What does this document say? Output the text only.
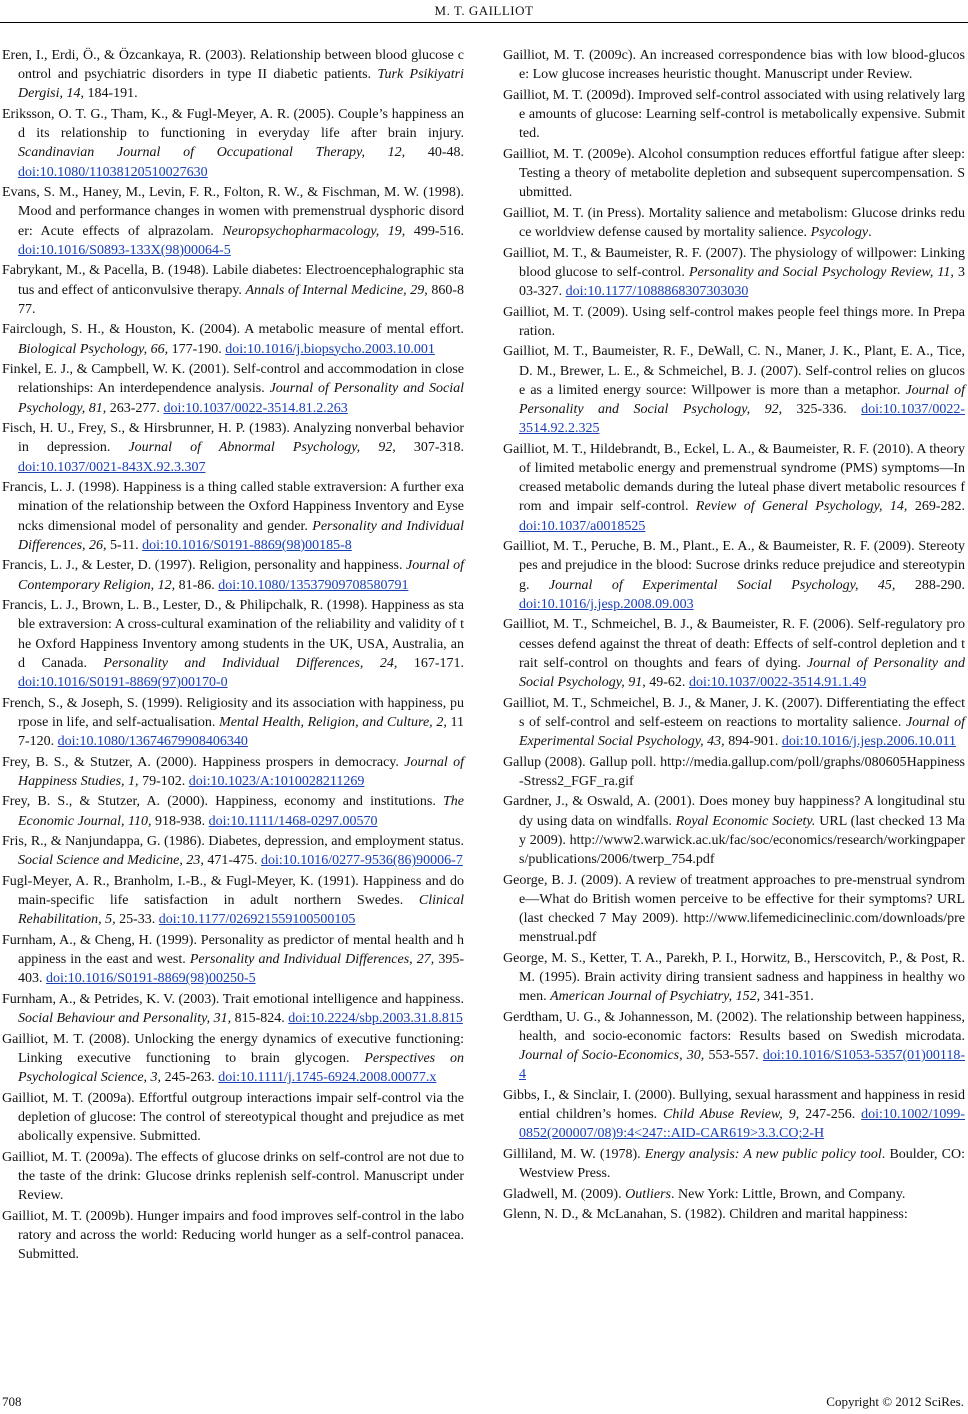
M. T. GAILLIOT

Eren, I., Erdi, Ö., & Özcankaya, R. (2003). Relationship between blood glucose control and psychiatric disorders in type II diabetic patients. Turk Psikiyatri Dergisi, 14, 184-191.

Eriksson, O. T. G., Tham, K., & Fugl-Meyer, A. R. (2005). Couple’s happiness and its relationship to functioning in everyday life after brain injury. Scandinavian Journal of Occupational Therapy, 12, 40-48. doi:10.1080/11038120510027630

Evans, S. M., Haney, M., Levin, F. R., Folton, R. W., & Fischman, M. W. (1998). Mood and performance changes in women with premenstrual dysphoric disorder: Acute effects of alprazolam. Neuropsychopharmacology, 19, 499-516. doi:10.1016/S0893-133X(98)00064-5

Fabrykant, M., & Pacella, B. (1948). Labile diabetes: Electroencephalographic status and effect of anticonvulsive therapy. Annals of Internal Medicine, 29, 860-877.

Fairclough, S. H., & Houston, K. (2004). A metabolic measure of mental effort. Biological Psychology, 66, 177-190. doi:10.1016/j.biopsycho.2003.10.001

Finkel, E. J., & Campbell, W. K. (2001). Self-control and accommodation in close relationships: An interdependence analysis. Journal of Personality and Social Psychology, 81, 263-277. doi:10.1037/0022-3514.81.2.263

Fisch, H. U., Frey, S., & Hirsbrunner, H. P. (1983). Analyzing nonverbal behavior in depression. Journal of Abnormal Psychology, 92, 307-318. doi:10.1037/0021-843X.92.3.307

Francis, L. J. (1998). Happiness is a thing called stable extraversion: A further examination of the relationship between the Oxford Happiness Inventory and Eysencks dimensional model of personality and gender. Personality and Individual Differences, 26, 5-11. doi:10.1016/S0191-8869(98)00185-8

Francis, L. J., & Lester, D. (1997). Religion, personality and happiness. Journal of Contemporary Religion, 12, 81-86. doi:10.1080/13537909708580791

Francis, L. J., Brown, L. B., Lester, D., & Philipchalk, R. (1998). Happiness as stable extraversion: A cross-cultural examination of the reliability and validity of the Oxford Happiness Inventory among students in the UK, USA, Australia, and Canada. Personality and Individual Differences, 24, 167-171. doi:10.1016/S0191-8869(97)00170-0

French, S., & Joseph, S. (1999). Religiosity and its association with happiness, purpose in life, and self-actualisation. Mental Health, Religion, and Culture, 2, 117-120. doi:10.1080/13674679908406340

Frey, B. S., & Stutzer, A. (2000). Happiness prospers in democracy. Journal of Happiness Studies, 1, 79-102. doi:10.1023/A:1010028211269

Frey, B. S., & Stutzer, A. (2000). Happiness, economy and institutions. The Economic Journal, 110, 918-938. doi:10.1111/1468-0297.00570

Fris, R., & Nanjundappa, G. (1986). Diabetes, depression, and employment status. Social Science and Medicine, 23, 471-475. doi:10.1016/0277-9536(86)90006-7

Fugl-Meyer, A. R., Branholm, I.-B., & Fugl-Meyer, K. (1991). Happiness and domain-specific life satisfaction in adult northern Swedes. Clinical Rehabilitation, 5, 25-33. doi:10.1177/026921559100500105

Furnham, A., & Cheng, H. (1999). Personality as predictor of mental health and happiness in the east and west. Personality and Individual Differences, 27, 395-403. doi:10.1016/S0191-8869(98)00250-5

Furnham, A., & Petrides, K. V. (2003). Trait emotional intelligence and happiness. Social Behaviour and Personality, 31, 815-824. doi:10.2224/sbp.2003.31.8.815

Gailliot, M. T. (2008). Unlocking the energy dynamics of executive functioning: Linking executive functioning to brain glycogen. Perspectives on Psychological Science, 3, 245-263. doi:10.1111/j.1745-6924.2008.00077.x

Gailliot, M. T. (2009a). Effortful outgroup interactions impair self-control via the depletion of glucose: The control of stereotypical thought and prejudice as metabolically expensive. Submitted.

Gailliot, M. T. (2009a). The effects of glucose drinks on self-control are not due to the taste of the drink: Glucose drinks replenish self-control. Manuscript under Review.

Gailliot, M. T. (2009b). Hunger impairs and food improves self-control in the laboratory and across the world: Reducing world hunger as a self-control panacea. Submitted.

Gailliot, M. T. (2009c). An increased correspondence bias with low blood-glucose: Low glucose increases heuristic thought. Manuscript under Review.

Gailliot, M. T. (2009d). Improved self-control associated with using relatively large amounts of glucose: Learning self-control is metabolically expensive. Submitted.

Gailliot, M. T. (2009e). Alcohol consumption reduces effortful fatigue after sleep: Testing a theory of metabolite depletion and subsequent supercompensation. Submitted.

Gailliot, M. T. (in Press). Mortality salience and metabolism: Glucose drinks reduce worldview defense caused by mortality salience. Psycology.

Gailliot, M. T., & Baumeister, R. F. (2007). The physiology of willpower: Linking blood glucose to self-control. Personality and Social Psychology Review, 11, 303-327. doi:10.1177/1088868307303030

Gailliot, M. T. (2009). Using self-control makes people feel things more. In Preparation.

Gailliot, M. T., Baumeister, R. F., DeWall, C. N., Maner, J. K., Plant, E. A., Tice, D. M., Brewer, L. E., & Schmeichel, B. J. (2007). Self-control relies on glucose as a limited energy source: Willpower is more than a metaphor. Journal of Personality and Social Psychology, 92, 325-336. doi:10.1037/0022-3514.92.2.325

Gailliot, M. T., Hildebrandt, B., Eckel, L. A., & Baumeister, R. F. (2010). A theory of limited metabolic energy and premenstrual syndrome (PMS) symptoms—Increased metabolic demands during the luteal phase divert metabolic resources from and impair self-control. Review of General Psychology, 14, 269-282. doi:10.1037/a0018525

Gailliot, M. T., Peruche, B. M., Plant., E. A., & Baumeister, R. F. (2009). Stereotypes and prejudice in the blood: Sucrose drinks reduce prejudice and stereotyping. Journal of Experimental Social Psychology, 45, 288-290. doi:10.1016/j.jesp.2008.09.003

Gailliot, M. T., Schmeichel, B. J., & Baumeister, R. F. (2006). Self-regulatory processes defend against the threat of death: Effects of self-control depletion and trait self-control on thoughts and fears of dying. Journal of Personality and Social Psychology, 91, 49-62. doi:10.1037/0022-3514.91.1.49

Gailliot, M. T., Schmeichel, B. J., & Maner, J. K. (2007). Differentiating the effects of self-control and self-esteem on reactions to mortality salience. Journal of Experimental Social Psychology, 43, 894-901. doi:10.1016/j.jesp.2006.10.011

Gallup (2008). Gallup poll. http://media.gallup.com/poll/graphs/080605Happiness-Stress2_FGF_ra.gif

Gardner, J., & Oswald, A. (2001). Does money buy happiness? A longitudinal study using data on windfalls. Royal Economic Society. URL (last checked 13 May 2009). http://www2.warwick.ac.uk/fac/soc/economics/research/workingpapers/publications/2006/twerp_754.pdf

George, B. J. (2009). A review of treatment approaches to pre-menstrual syndrome—What do British women perceive to be effective for their symptoms? URL (last checked 7 May 2009). http://www.lifemedicineclinic.com/downloads/premenstrual.pdf

George, M. S., Ketter, T. A., Parekh, P. I., Horwitz, B., Herscovitch, P., & Post, R. M. (1995). Brain activity diring transient sadness and happiness in healthy women. American Journal of Psychiatry, 152, 341-351.

Gerdtham, U. G., & Johannesson, M. (2002). The relationship between happiness, health, and socio-economic factors: Results based on Swedish microdata. Journal of Socio-Economics, 30, 553-557. doi:10.1016/S1053-5357(01)00118-4

Gibbs, I., & Sinclair, I. (2000). Bullying, sexual harassment and happiness in residential children’s homes. Child Abuse Review, 9, 247-256. doi:10.1002/1099-0852(200007/08)9:4<247::AID-CAR619>3.3.CO;2-H

Gilliland, M. W. (1978). Energy analysis: A new public policy tool. Boulder, CO: Westview Press.

Gladwell, M. (2009). Outliers. New York: Little, Brown, and Company.

Glenn, N. D., & McLanahan, S. (1982). Children and marital happiness:

708	Copyright © 2012 SciRes.
